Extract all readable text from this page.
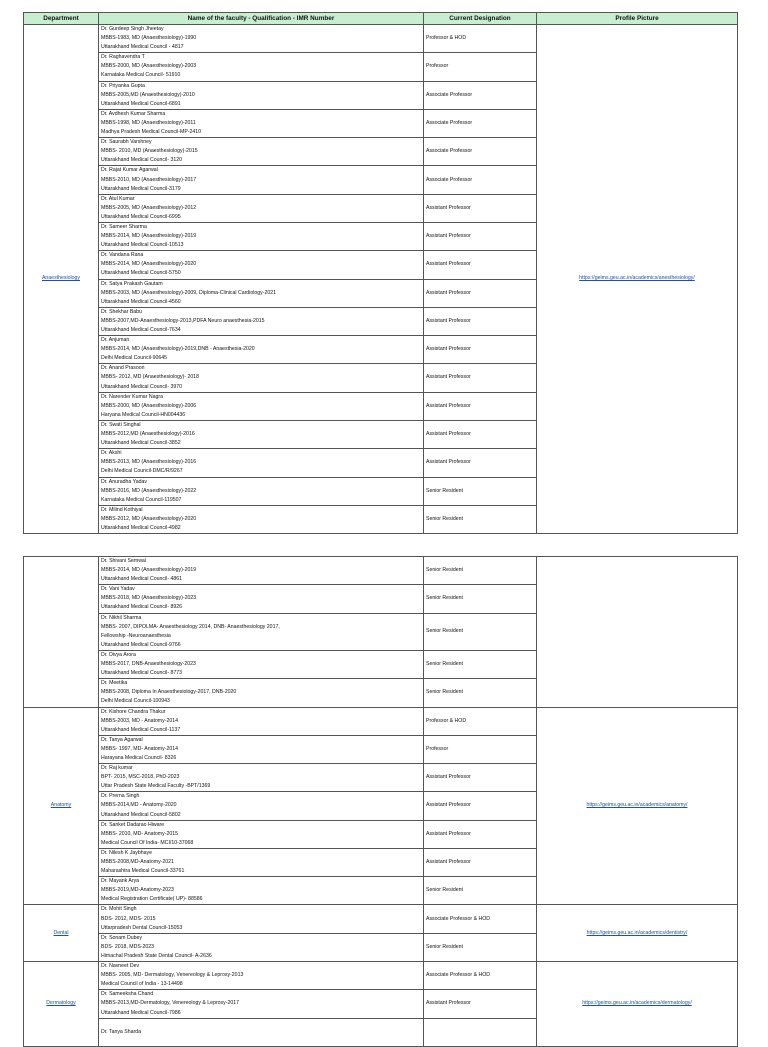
Department	Name of the faculty - Qualification - IMR Number	Current Designation	Profile Picture
Anaesthesiology	Dr. Gurdeep Singh Jheetay
MBBS-1983, MD (Anaesthesiology)-1990
Uttarakhand Medical Council - 4817	Professor & HOD	https://geims.geu.ac.in/academics/anesthesiology/

	Dr. Raghavendra T
MBBS-2000, MD (Anaesthesiology)-2003
Karnataka Medical Council- 51910	Professor	

	Dr. Priyanka Gupta
MBBS-2005,MD (Anaesthesiology)-2010
Uttarakhand Medical Council-6891	Associate Professor	

	Dr. Avdhesh Kumar Sharma
MBBS-1998, MD (Anaesthesiology)-2011
Madhya Pradesh Medical Council-MP-2410	Associate Professor	

	Dr. Saurabh Varshney
MBBS- 2010, MD (Anaesthesiology)-2015
Uttarakhand Medical Council- 3120	Associate Professor	

	Dr. Rajat Kumar Agarwal
MBBS-2010, MD (Anaesthesiology)-2017
Uttarakhand Medical Council-3179	Associate Professor	

	Dr. Atul Kumar
MBBS-2005, MD (Anaesthesiology)-2012
Uttarakhand Medical Council-6995	Assistant Professor	

	Dr. Sameer Sharma
MBBS-2014, MD (Anaesthesiology)-2019
Uttarakhand Medical Council-10513	Assistant Professor	

	Dr. Vandana Rana
MBBS-2014, MD (Anaesthesiology)-2020
Uttarakhand Medical Council-5750	Assistant Professor	

	Dr. Satya Prakash Gautam
MBBS-2003, MD (Anaesthesiology)-2009, Diploma-Clinical Cardiology-2021
Uttarakhand Medical Council-4560	Assistant Professor	

	Dr. Shekhar Babu
MBBS-2007,MD-Anaesthesiology-2013,PDFA Neuro anaesthesia-2015
Uttarakhand Medical Council-7634	Assistant Professor	

	Dr. Anjuman
MBBS-2014, MD (Anaesthesiology)-2019,DNB - Anaesthesia-2020
Delhi Medical Council-90645	Assistant Professor	

	Dr. Anand Prasoon
MBBS- 2012, MD (Anaesthesiology)- 2018
Uttarakhand Medical Council- 3970	Assistant Professor	

	Dr. Narender Kumar Nagra
MBBS-2000, MD (Anaesthesiology)-2006
Haryana Medical Council-HN004436	Assistant Professor	

	Dr. Swati Singhal
MBBS-2012,MD (Anaesthesiology)-2016
Uttarakhand Medical Council-3852	Assistant Professor	

	Dr. Akshi
MBBS-2013, MD (Anaesthesiology)-2016
Delhi Medical Council-DMC/R/9267	Assistant Professor	

	Dr. Anuradha Yadav
MBBS-2016, MD (Anaesthesiology)-2022
Karnataka Medical Council-119507	Senior Resident	

	Dr. Milind Kothiyal
MBBS-2012, MD (Anaesthesiology)-2020
Uttarakhand Medical Council-4982	Senior Resident	

	Dr. Shivani Semwal
MBBS-2014, MD (Anaesthesiology)-2019
Uttarakhand Medical Council- 4861	Senior Resident	

	Dr. Vani Yadav
MBBS-2018, MD (Anaesthesiology)-2023
Uttarakhand Medical Council- 8926	Senior Resident	

	Dr. Nikhil Sharma
MBBS- 2007, DIPOLMA- Anaesthesiology 2014, DNB- Anaesthesiology 2017,
Fellowship -Neuroanaesthesia
Uttarakhand Medical Council-9766	Senior Resident	

	Dr. Divya Arora
MBBS-2017, DNB-Anaesthesiology-2023
Uttarakhand Medical Council- 8773	Senior Resident	

	Dr. Meetika
MBBS-2008, Diploma In Anaesthesiology-2017, DNB-2020
Delhi Medical Council-100943	Senior Resident	
Anatomy	Dr. Kishore Chandra Thakur
MBBS-2003, MD - Anatomy-2014
Uttarakhand Medical Council-1137	Professor & HOD	https://geims.geu.ac.in/academics/anatomy/

	Dr. Tanya Agarwal
MBBS- 1997, MD- Anatomy-2014
Harayana Medical Council- 8326	Professor	

	Dr. Raj kumar
BPT- 2015, MSC-2018, PhD-2023
Uttar Pradesh State Medical Faculty -BPT/1369	Assistant Professor	

	Dr. Prerna Singh
MBBS-2014,MD - Anatomy-2020
Uttarakhand Medical Council-5802	Assistant Professor	

	Dr. Sanket Dadarao Hiware
MBBS- 2010, MD- Anatomy-2015
Medical Council Of India- MCI/10-37068	Assistant Professor	

	Dr. Nilesh K Jaybhaye
MBBS-2008,MD-Anatomy-2021
Maharashtra Medical Council-33761	Assistant Professor	

	Dr. Mayank Arya
MBBS-2019,MD-Anatomy-2023
Medical Registration Certificate( UP)- 88586	Senior Resident	
Dental	Dr. Mohit Singh
BDS- 2012, MDS- 2015
Uttarpradesh Dental Council-15053	Associate Professor & HOD	https://geims.geu.ac.in/academics/dentistry/

	Dr. Sonam Dubey
BDS- 2018, MDS-2023
Himachal Pradesh State Dental Council- A-2636	Senior Resident	
Dermatology	Dr. Navneet Dev
MBBS- 2005, MD- Dermatology, Venereology & Leprosy-2013
Medical Council of India - 13-14498	Associate Professor & HOD	https://geims.geu.ac.in/academics/dermatology/

	Dr. Sameeksha Chand
MBBS-2013,MD-Dermatology, Venereology & Leprosy-2017
Uttarakhand Medical Council-7986	Assistant Professor	

	Dr. Tanya Sharda		
